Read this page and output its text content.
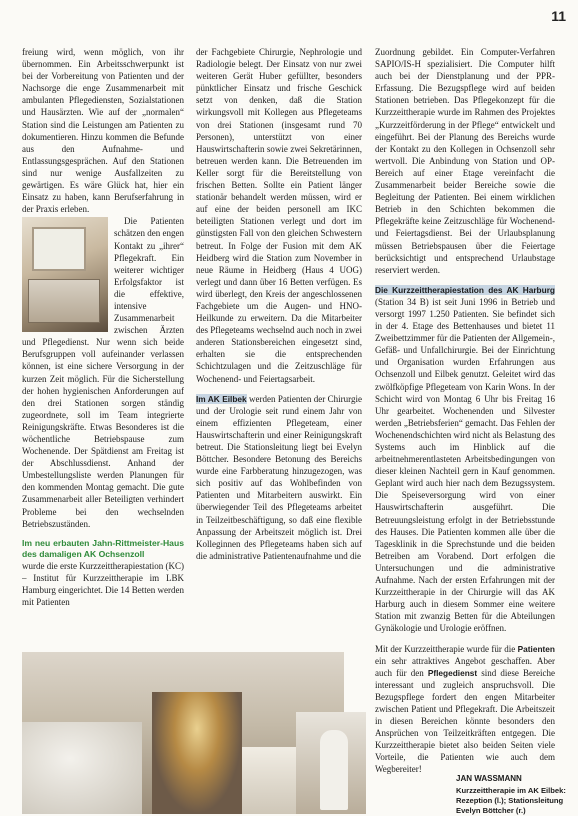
11

freiung wird, wenn möglich, von ihr übernommen. Ein Arbeitsschwerpunkt ist bei der Vorbereitung von Patienten und der Nachsorge die enge Zusammenarbeit mit ambulanten Pflegediensten, Sozialstationen und Hausärzten. Wie auf der „normalen“ Station sind die Leistungen am Patienten zu dokumentieren. Hinzu kommen die Befunde aus den Aufnahme- und Entlassungsgesprächen. Auf den Stationen sind nur wenige Ausfallzeiten zu gewärtigen. Es wäre Glück hat, hier ein Einsatz zu haben, kann Berufserfahrung in der Praxis erleben.

Die Patienten schätzen den engen Kontakt zu „ihrer“ Pflegekraft. Ein weiterer wichtiger Erfolgsfaktor ist die effektive, intensive Zusammenarbeit zwischen Ärzten und Pflegedienst. Nur wenn sich beide Berufsgruppen voll aufeinander verlassen können, ist eine sichere Versorgung in der kurzen Zeit möglich. Für die Sicherstellung der hohen hygienischen Anforderungen auf den drei Stationen sorgen ständig zugeordnete, soll im Team integrierte Reinigungskräfte. Etwas Besonderes ist die wöchentliche Betriebspause zum Wochenende. Der Spätdienst am Freitag ist der Abschlussdienst. Anhand der Umbestellungsliste werden Planungen für den kommenden Montag gemacht. Die gute Zusammenarbeit aller Beteiligten verhindert Probleme bei den wechselnden Betriebszuständen.

Im neu erbauten Jahn-Rittmeister-Haus des damaligen AK Ochsenzoll

wurde die erste Kurzzeittherapiestation (KC) – Institut für Kurzzeittherapie im LBK Hamburg eingerichtet. Die 14 Betten werden mit Patienten

der Fachgebiete Chirurgie, Nephrologie und Radiologie belegt. Der Einsatz von nur zwei weiteren Gerät Huber gefüllter, besonders pünktlicher Einsatz und frische Geschick setzt von denken, daß die Station wirkungsvoll mit Kollegen aus Pflegeteams von drei Stationen (insgesamt rund 70 Personen), unterstützt von einer Hauswirtschafterin sowie zwei Sekretärinnen, betreuen werden kann. Die Betreuenden im Keller sorgt für die Bereitstellung von frischen Betten. Sollte ein Patient länger stationär behandelt werden müssen, wird er auf eine der beiden personell am IKC beteiligten Stationen verlegt und dort im günstigsten Fall von den gleichen Schwestern betreut. In Folge der Fusion mit dem AK Heidberg wird die Station zum November in neue Räume in Heidberg (Haus 4 UOG) verlegt und dann über 16 Betten verfügen. Es wird überlegt, den Kreis der angeschlossenen Fachgebiete um die Augen- und HNO-Heilkunde zu erweitern. Da die Mitarbeiter des Pflegeteams wechselnd auch noch in zwei anderen Stationsbereichen eingesetzt sind, erhalten sie die entsprechenden Schichtzulagen und die Zeitzuschläge für Wochenend- und Feiertagsarbeit.

Im AK Eilbek werden Patienten der Chirurgie und der Urologie seit rund einem Jahr von einem effizienten Pflegeteam, einer Hauswirtschafterin und einer Reinigungskraft betreut. Die Stationsleitung liegt bei Evelyn Böttcher. Besondere Betonung des Bereichs wurde eine Farbberatung hinzugezogen, was sich positiv auf das Wohlbefinden von Patienten und Mitarbeitern auswirkt. Ein überwiegender Teil des Pflegeteams arbeitet in Teilzeitbeschäftigung, so daß eine flexible Anpassung der Arbeitszeit möglich ist. Drei Kolleginnen des Pflegeteams haben sich auf die administrative Patientenaufnahme und die

Zuordnung gebildet. Ein Computer-Verfahren SAPIO/IS-H spezialisiert. Die Computer hilft auch bei der Dienstplanung und der PPR-Erfassung. Die Bezugspflege wird auf beiden Stationen betrieben. Das Pflegekonzept für die Kurzzeittherapie wurde im Rahmen des Projektes „Kurzzeitförderung in der Pflege“ entwickelt und eingeführt. Bei der Planung des Bereichs wurde der Kontakt zu den Kollegen in Ochsenzoll sehr wertvoll. Die Anbindung von Station und OP-Bereich auf einer Etage vereinfacht die Zusammenarbeit beider Bereiche sowie die Begleitung der Patienten. Bei einem wirklichen Betrieb in den Schichten bekommen die Pflegekräfte keine Zeitzuschläge für Wochenend- und Feiertagsdienst. Bei der Urlaubsplanung müssen Betriebspausen über die Feiertage berücksichtigt und entsprechend Urlaubstage reserviert werden.

Die Kurzzeittherapiestation des AK Harburg (Station 34 B) ist seit Juni 1996 in Betrieb und versorgt 1997 1.250 Patienten. Sie befindet sich in der 4. Etage des Bettenhauses und bietet 11 Zweibettzimmer für die Patienten der Allgemein-, Gefäß- und Unfallchirurgie. Bei der Einrichtung und Organisation wurden Erfahrungen aus Ochsenzoll und Eilbek genutzt. Geleitet wird das zwölfköpfige Pflegeteam von Karin Wons. In der Schicht wird von Montag 6 Uhr bis Freitag 16 Uhr gearbeitet. Wochenenden und Silvester werden „Betriebsferien“ gemacht. Das Fehlen der Wochenendschichten wird nicht als Belastung des Systems auch im Hinblick auf die arbeitnehmerentlasteten Arbeitsbedingungen von dieser kleinen Nachteil gern in Kauf genommen. Geplant wird auch hier nach dem Bezugssystem. Die Speiseversorgung wird von einer Hauswirtschafterin ausgeführt. Die Betreuungsleistung erfolgt in der Betriebsstunde des Hauses. Die Patienten kommen alle über die Tagesklinik in die Sprechstunde und die beiden Betreiben am Vorabend. Dort erfolgen die Untersuchungen und die administrative Aufnahme. Nach der ersten Erfahrungen mit der Kurzzeittherapie in der Chirurgie will das AK Harburg auch in diesem Sommer eine weitere Station mit zwanzig Betten für die Abteilungen Gynäkologie und Urologie eröffnen.

Mit der Kurzzeittherapie wurde für die Patienten ein sehr attraktives Angebot geschaffen. Aber auch für den Pflegedienst sind diese Bereiche interessant und zugleich anspruchsvoll. Die Bezugspflege fordert den engen Mitarbeiter zwischen Patient und Pflegekraft. Die Arbeitszeit in diesen Bereichen könnte besonders den Ansprüchen von Teilzeitkräften entgegen. Die Kurzzeittherapie bietet also beiden Seiten viele Vorteile, die Patienten wie auch dem Wegbereiter!

JAN WASSMANN
Kurzzeittherapie im AK Eilbek: Rezeption (l.); Stationsleitung Evelyn Böttcher (r.)
